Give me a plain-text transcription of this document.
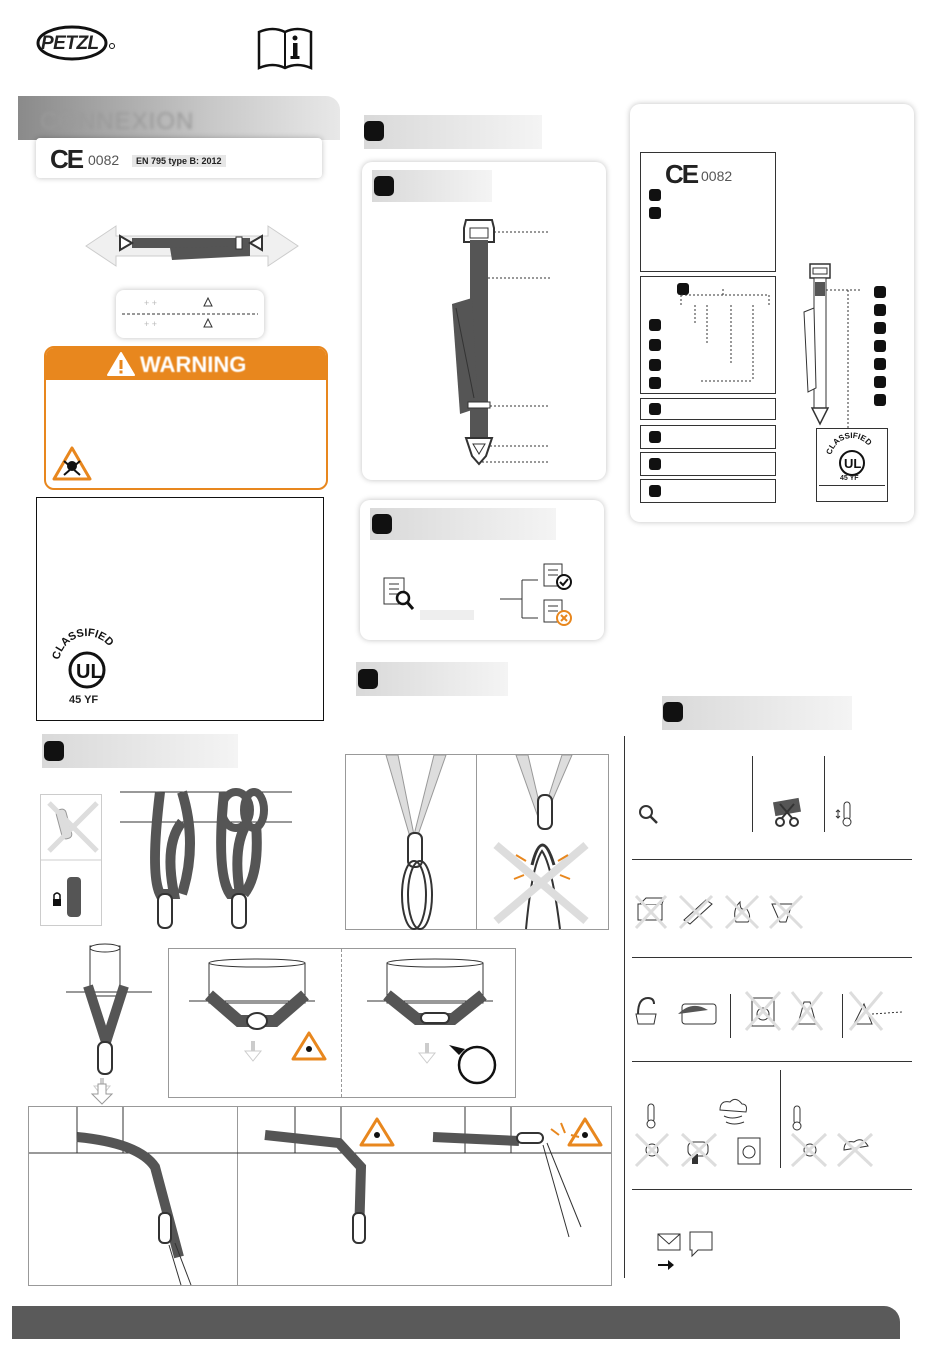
PETZL
CONNEXION
CE 0082	EN 795 type B: 2012
+ +
+ +
WARNING
CLASSIFIED
UL
45 YF
CE 0082
CLASSIFIED
UL
45 YF
